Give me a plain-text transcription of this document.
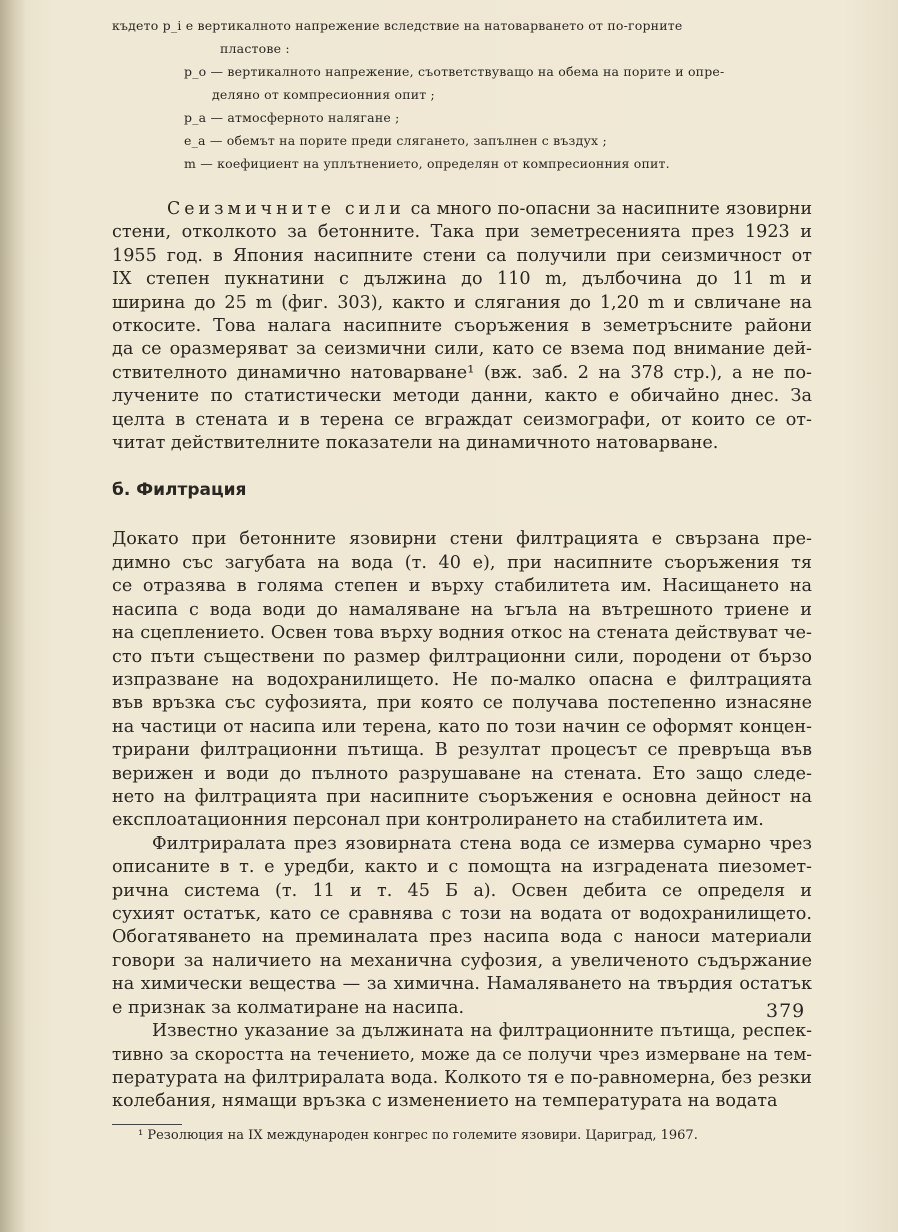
където p_i е вертикалното напрежение вследствие на натоварването от по-горните
пластове :
p_o — вертикалното напрежение, съответствуващо на обема на порите и опре-
деляно от компресионния опит ;
p_a — атмосферното налягане ;
e_a — обемът на порите преди слягането, запълнен с въздух ;
m — коефициент на уплътнението, определян от компресионния опит.
Сеизмичните сили са много по-опасни за насипните язовирни
стени, отколкото за бетонните. Така при земетресенията през 1923 и
1955 год. в Япония насипните стени са получили при сеизмичност от
IX степен пукнатини с дължина до 110 m, дълбочина до 11 m и
ширина до 25 m (фиг. 303), както и слягания до 1,20 m и свличане на
откосите. Това налага насипните съоръжения в земетръсните райони
да се оразмеряват за сеизмични сили, като се взема под внимание дей-
ствителното динамично натоварване¹ (вж. заб. 2 на 378 стр.), а не по-
лучените по статистически методи данни, както е обичайно днес. За
целта в стената и в терена се вграждат сеизмографи, от които се от-
читат действителните показатели на динамичното натоварване.
б. Филтрация
Докато при бетонните язовирни стени филтрацията е свързана пре-
димно със загубата на вода (т. 40 е), при насипните съоръжения тя
се отразява в голяма степен и върху стабилитета им. Насищането на
насипа с вода води до намаляване на ъгъла на вътрешното триене и
на сцеплението. Освен това върху водния откос на стената действуват че-
сто пъти съществени по размер филтрационни сили, породени от бързо
изпразване на водохранилището. Не по-малко опасна е филтрацията
във връзка със суфозията, при която се получава постепенно изнасяне
на частици от насипа или терена, като по този начин се оформят концен-
трирани филтрационни пътища. В резултат процесът се превръща във
верижен и води до пълното разрушаване на стената. Ето защо следе-
нето на филтрацията при насипните съоръжения е основна дейност на
експлоатационния персонал при контролирането на стабилитета им.
Филтриралата през язовирната стена вода се измерва сумарно чрез
описаните в т. е уредби, както и с помощта на изградената пиезомет-
рична система (т. 11 и т. 45 Б а). Освен дебита се определя и
сухият остатък, като се сравнява с този на водата от водохранилището.
Обогатяването на преминалата през насипа вода с наноси материали
говори за наличието на механична суфозия, а увеличеното съдържание
на химически вещества — за химична. Намаляването на твърдия остатък
е признак за колматиране на насипа.
Известно указание за дължината на филтрационните пътища, респек-
тивно за скоростта на течението, може да се получи чрез измерване на тем-
пературата на филтриралата вода. Колкото тя е по-равномерна, без резки
колебания, нямащи връзка с изменението на температурата на водата
¹ Резолюция на IX международен конгрес по големите язовири. Цариград, 1967.
379
